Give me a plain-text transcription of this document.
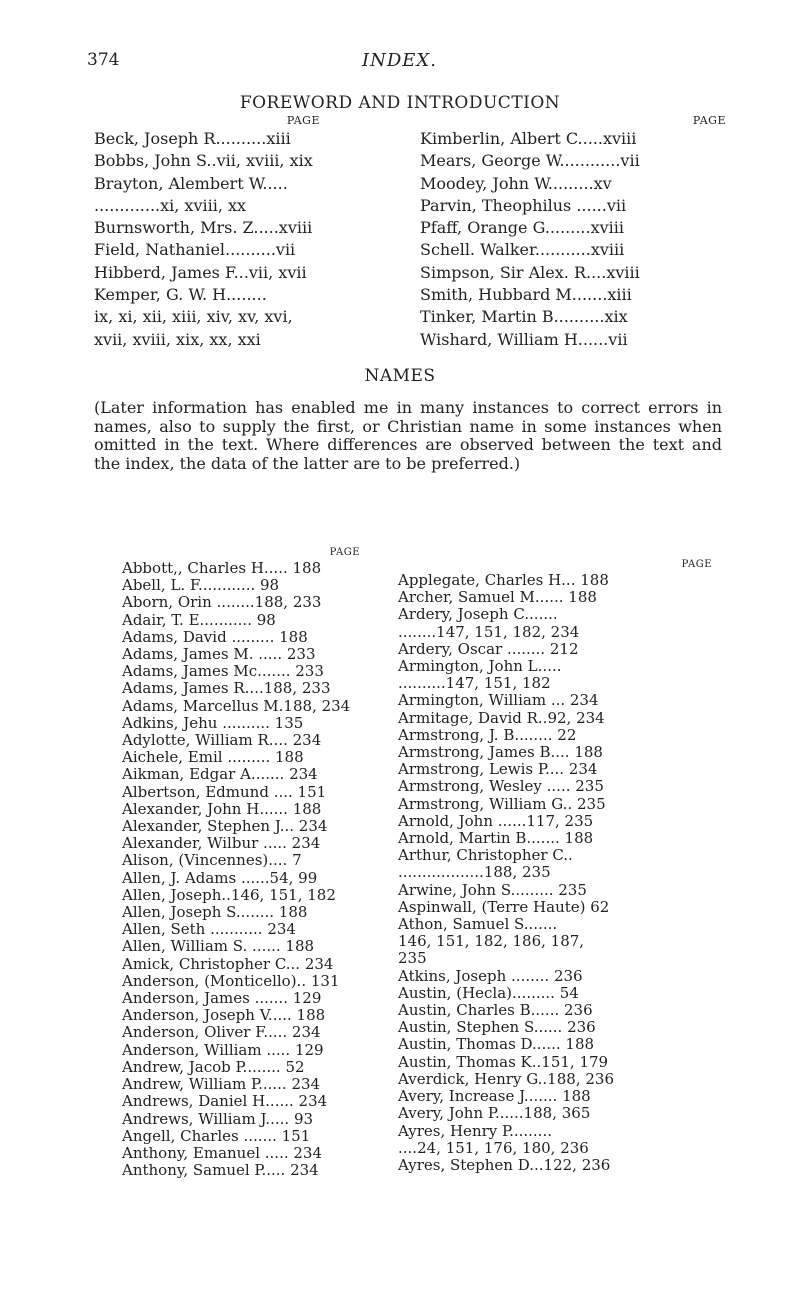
374	INDEX.
FOREWORD AND INTRODUCTION
PAGE
Beck, Joseph R..........xiii
Bobbs, John S..vii, xviii, xix
Brayton, Alembert W.....
.............xi, xviii, xx
Burnsworth, Mrs. Z.....xviii
Field, Nathaniel..........vii
Hibberd, James F...vii, xvii
Kemper, G. W. H........
ix, xi, xii, xiii, xiv, xv, xvi,
xvii, xviii, xix, xx, xxi
PAGE
Kimberlin, Albert C.....xviii
Mears, George W............vii
Moodey, John W.........xv
Parvin, Theophilus ......vii
Pfaff, Orange G.........xviii
Schell. Walker...........xviii
Simpson, Sir Alex. R....xviii
Smith, Hubbard M.......xiii
Tinker, Martin B..........xix
Wishard, William H......vii
NAMES
(Later information has enabled me in many instances to correct errors in names, also to supply the first, or Christian name in some instances when omitted in the text. Where differences are observed between the text and the index, the data of the latter are to be preferred.)
PAGE
Abbott,, Charles H..... 188
Abell, L. F............ 98
Aborn, Orin ........188, 233
Adair, T. E........... 98
Adams, David ......... 188
Adams, James M. ..... 233
Adams, James Mc....... 233
Adams, James R....188, 233
Adams, Marcellus M.188, 234
Adkins, Jehu .......... 135
Adylotte, William R.... 234
Aichele, Emil ......... 188
Aikman, Edgar A....... 234
Albertson, Edmund .... 151
Alexander, John H...... 188
Alexander, Stephen J... 234
Alexander, Wilbur ..... 234
Alison, (Vincennes).... 7
Allen, J. Adams ......54, 99
Allen, Joseph..146, 151, 182
Allen, Joseph S........ 188
Allen, Seth ........... 234
Allen, William S. ...... 188
Amick, Christopher C... 234
Anderson, (Monticello).. 131
Anderson, James ....... 129
Anderson, Joseph V..... 188
Anderson, Oliver F..... 234
Anderson, William ..... 129
Andrew, Jacob P........ 52
Andrew, William P...... 234
Andrews, Daniel H...... 234
Andrews, William J..... 93
Angell, Charles ....... 151
Anthony, Emanuel ..... 234
Anthony, Samuel P..... 234
PAGE
Applegate, Charles H... 188
Archer, Samuel M...... 188
Ardery, Joseph C.......
........147, 151, 182, 234
Ardery, Oscar ........ 212
Armington, John L.....
..........147, 151, 182
Armington, William ... 234
Armitage, David R..92, 234
Armstrong, J. B........ 22
Armstrong, James B.... 188
Armstrong, Lewis P.... 234
Armstrong, Wesley ..... 235
Armstrong, William G.. 235
Arnold, John ......117, 235
Arnold, Martin B....... 188
Arthur, Christopher C..
..................188, 235
Arwine, John S......... 235
Aspinwall, (Terre Haute) 62
Athon, Samuel S.......
146, 151, 182, 186, 187,
235
Atkins, Joseph ........ 236
Austin, (Hecla)......... 54
Austin, Charles B...... 236
Austin, Stephen S...... 236
Austin, Thomas D...... 188
Austin, Thomas K..151, 179
Averdick, Henry G..188, 236
Avery, Increase J....... 188
Avery, John P......188, 365
Ayres, Henry P.........
....24, 151, 176, 180, 236
Ayres, Stephen D...122, 236
